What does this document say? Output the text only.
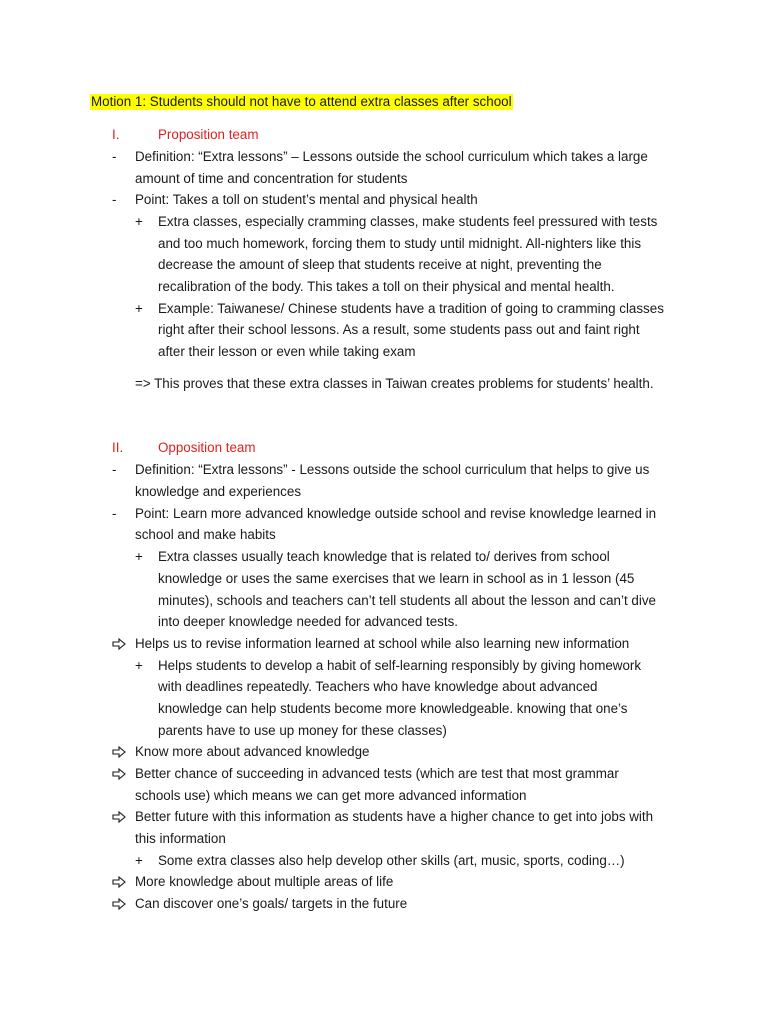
Motion 1: Students should not have to attend extra classes after school
I.	Proposition team
- Definition: “Extra lessons” – Lessons outside the school curriculum which takes a large
amount of time and concentration for students
- Point: Takes a toll on student’s mental and physical health
+ Extra classes, especially cramming classes, make students feel pressured with tests
and too much homework, forcing them to study until midnight. All-nighters like this
decrease the amount of sleep that students receive at night, preventing the
recalibration of the body. This takes a toll on their physical and mental health.
+ Example: Taiwanese/ Chinese students have a tradition of going to cramming classes
right after their school lessons. As a result, some students pass out and faint right
after their lesson or even while taking exam
=> This proves that these extra classes in Taiwan creates problems for students’ health.
II.	Opposition team
- Definition: “Extra lessons” - Lessons outside the school curriculum that helps to give us
knowledge and experiences
- Point: Learn more advanced knowledge outside school and revise knowledge learned in
school and make habits
+ Extra classes usually teach knowledge that is related to/ derives from school
knowledge or uses the same exercises that we learn in school as in 1 lesson (45
minutes), schools and teachers can’t tell students all about the lesson and can’t dive
into deeper knowledge needed for advanced tests.
Helps us to revise information learned at school while also learning new information
+ Helps students to develop a habit of self-learning responsibly by giving homework
with deadlines repeatedly. Teachers who have knowledge about advanced
knowledge can help students become more knowledgeable. knowing that one’s
parents have to use up money for these classes)
Know more about advanced knowledge
Better chance of succeeding in advanced tests (which are test that most grammar
schools use) which means we can get more advanced information
Better future with this information as students have a higher chance to get into jobs with
this information
+ Some extra classes also help develop other skills (art, music, sports, coding…)
More knowledge about multiple areas of life
Can discover one’s goals/ targets in the future
